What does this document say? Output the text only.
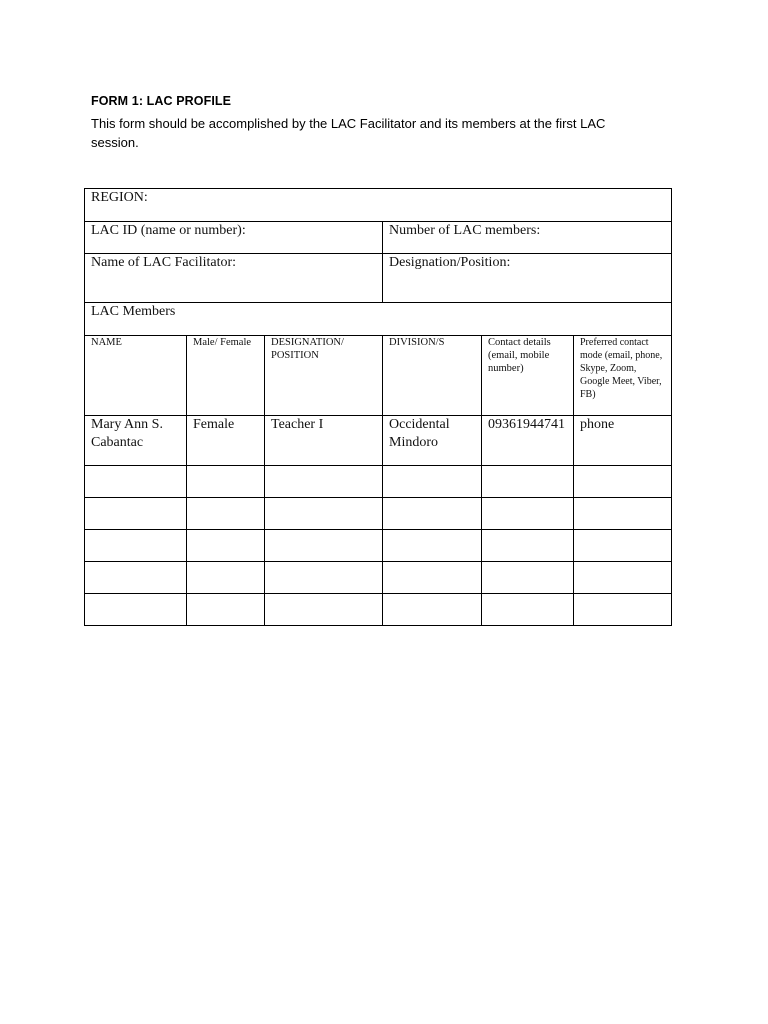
FORM 1: LAC PROFILE
This form should be accomplished by the LAC Facilitator and its members at the first LAC session.
REGION:					
LAC ID (name or number):			Number of LAC members:		
Name of LAC Facilitator:			Designation/Position:		
LAC Members					
NAME	Male/ Female	DESIGNATION/ POSITION	DIVISION/S	Contact details (email, mobile number)	Preferred contact mode (email, phone, Skype, Zoom, Google Meet, Viber, FB)
Mary Ann S. Cabantac	Female	Teacher I	Occidental Mindoro	09361944741	phone
